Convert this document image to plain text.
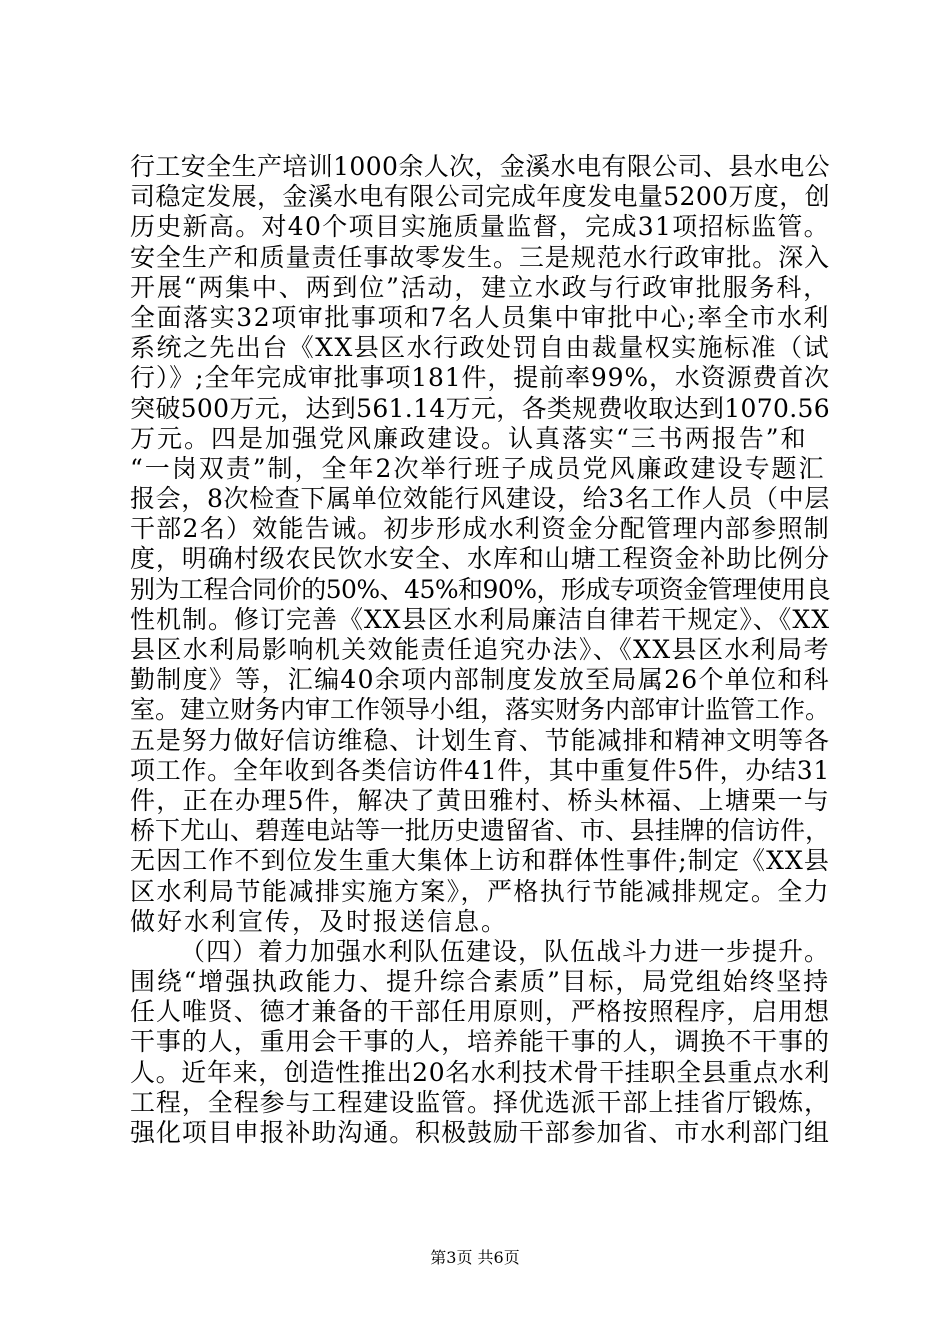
行工安全生产培训1000余人次，金溪水电有限公司、县水电公
司稳定发展，金溪水电有限公司完成年度发电量5200万度，创
历史新高。对40个项目实施质量监督，完成31项招标监管。
安全生产和质量责任事故零发生。三是规范水行政审批。深入
开展“两集中、两到位”活动，建立水政与行政审批服务科，
全面落实32项审批事项和7名人员集中审批中心;率全市水利
系统之先出台《XX县区水行政处罚自由裁量权实施标准（试
行）》;全年完成审批事项181件，提前率99%，水资源费首次
突破500万元，达到561.14万元，各类规费收取达到1070.56
万元。四是加强党风廉政建设。认真落实“三书两报告”和
“一岗双责”制，全年2次举行班子成员党风廉政建设专题汇
报会，8次检查下属单位效能行风建设，给3名工作人员（中层
干部2名）效能告诫。初步形成水利资金分配管理内部参照制
度，明确村级农民饮水安全、水库和山塘工程资金补助比例分
别为工程合同价的50%、45%和90%，形成专项资金管理使用良
性机制。修订完善《XX县区水利局廉洁自律若干规定》、《XX
县区水利局影响机关效能责任追究办法》、《XX县区水利局考
勤制度》等，汇编40余项内部制度发放至局属26个单位和科
室。建立财务内审工作领导小组，落实财务内部审计监管工作。
五是努力做好信访维稳、计划生育、节能减排和精神文明等各
项工作。全年收到各类信访件41件，其中重复件5件，办结31
件，正在办理5件，解决了黄田雅村、桥头林福、上塘栗一与
桥下尤山、碧莲电站等一批历史遗留省、市、县挂牌的信访件，
无因工作不到位发生重大集体上访和群体性事件;制定《XX县
区水利局节能减排实施方案》，严格执行节能减排规定。全力
做好水利宣传，及时报送信息。
（四）着力加强水利队伍建设，队伍战斗力进一步提升。
围绕“增强执政能力、提升综合素质”目标，局党组始终坚持
任人唯贤、德才兼备的干部任用原则，严格按照程序，启用想
干事的人，重用会干事的人，培养能干事的人，调换不干事的
人。近年来，创造性推出20名水利技术骨干挂职全县重点水利
工程，全程参与工程建设监管。择优选派干部上挂省厅锻炼，
强化项目申报补助沟通。积极鼓励干部参加省、市水利部门组
第3页 共6页
